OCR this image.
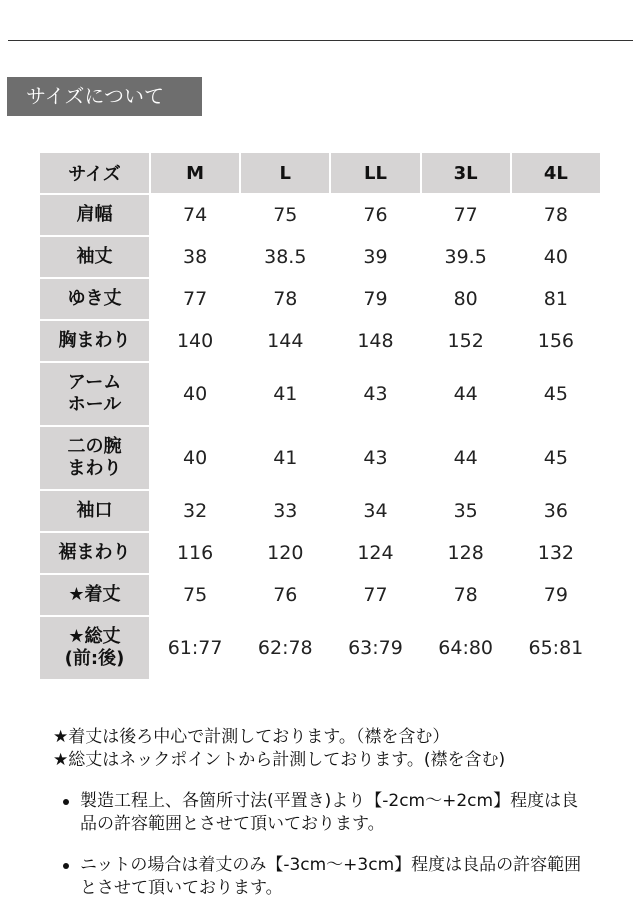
サイズについて
サイズ	M	L	LL	3L	4L
肩幅	74	75	76	77	78
袖丈	38	38.5	39	39.5	40
ゆき丈	77	78	79	80	81
胸まわり	140	144	148	152	156
アーム
ホール	40	41	43	44	45
二の腕
まわり	40	41	43	44	45
袖口	32	33	34	35	36
裾まわり	116	120	124	128	132
★着丈	75	76	77	78	79
★総丈
(前:後)	61:77	62:78	63:79	64:80	65:81
★着丈は後ろ中心で計測しております。（襟を含む）
★総丈はネックポイントから計測しております。(襟を含む)
製造工程上、各箇所寸法(平置き)より【-2cm～+2cm】程度は良品の許容範囲とさせて頂いております。
ニットの場合は着丈のみ【-3cm～+3cm】程度は良品の許容範囲とさせて頂いております。
